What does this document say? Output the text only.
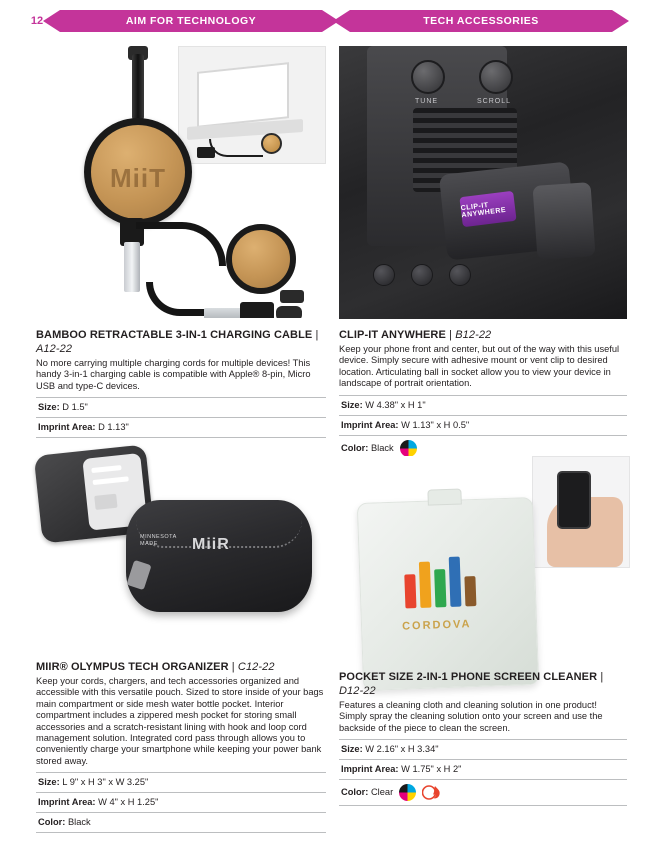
12	AIM FOR TECHNOLOGY	TECH ACCESSORIES
MiiT
TUNE	SCROLL
CLIP-IT ANYWHERE
BAMBOO RETRACTABLE 3-IN-1 CHARGING CABLE | A12-22
No more carrying multiple charging cords for multiple devices! This handy 3-in-1 charging cable is compatible with Apple® 8-pin, Micro USB and type-C devices.
Size: D 1.5"
Imprint Area: D 1.13"
CLIP-IT ANYWHERE | B12-22
Keep your phone front and center, but out of the way with this useful device. Simply secure with adhesive mount or vent clip to desired location. Articulating ball in socket allow you to view your device in landscape of portrait orientation.
Size: W 4.38" x H 1"
Imprint Area: W 1.13" x H 0.5"
Color: Black
MiiR
MINNESOTA
MADE
MIIR® OLYMPUS TECH ORGANIZER | C12-22
Keep your cords, chargers, and tech accessories organized and accessible with this versatile pouch. Sized to store inside of your bags main compartment or side mesh water bottle pocket. Interior compartment includes a zippered mesh pocket for storing small accessories and a scratch-resistant lining with hook and loop cord management solution. Integrated cord pass through allows you to conveniently charge your smartphone while keeping your power bank stored away.
Size: L 9" x H 3" x W 3.25"
Imprint Area: W 4" x H 1.25"
Color: Black
CORDOVA
POCKET SIZE 2-IN-1 PHONE SCREEN CLEANER |
D12-22
Features a cleaning cloth and cleaning solution in one product! Simply spray the cleaning solution onto your screen and use the backside of the piece to clean the screen.
Size: W 2.16" x H 3.34"
Imprint Area: W 1.75" x H 2"
Color: Clear
